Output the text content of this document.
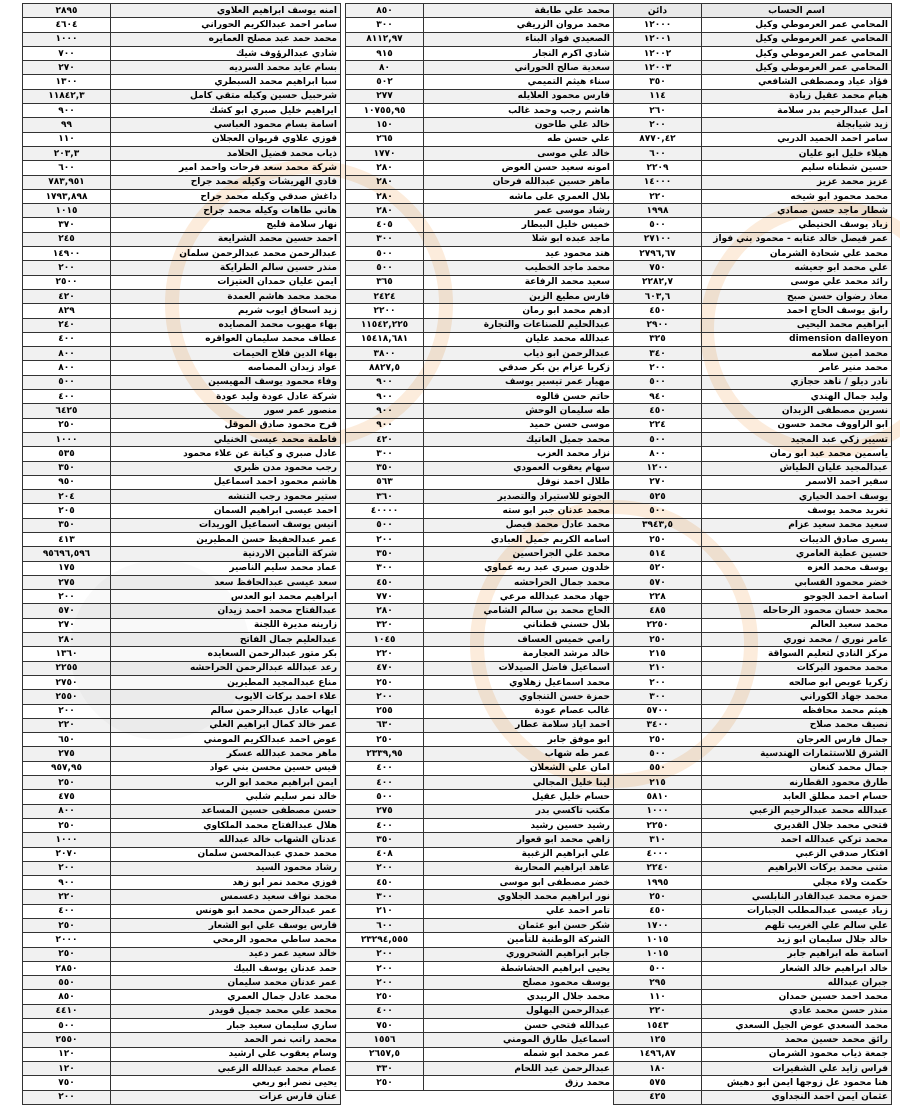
اسم الحساب	دائن
المحامي عمر العرموطي وكيل	١٢٠٠٠
المحامي عمر العرموطي وكيل	١٢٠٠١
المحامي عمر العرموطي وكيل	١٢٠٠٢
المحامي عمر العرموطي وكيل	١٢٠٠٣
فؤاد عياد ومصطفى الشافعي	٣٥٠
هيام محمد عقيل زيادة	١١٤
امل عبدالرحيم بدر سلامة	٢٦٠
زيد شيابجلة	٢٠٠
سامر احمد الحميد الدربي	٨٧٧٠,٤٢
هيلاء خليل ابو عليان	٦٠٠
حسين شطناه سليم	٢٢٠٩
عزيز محمد عزيز	١٤٠٠٠
محمد محمود ابو شيخه	٢٢٠
شطار ماجد حسن صمادي	١٩٩٨
زياد يوسف الحنيطي	٥٠٠
عمر فيصل خالد عتابه - محمود بني فواز	٢٧١٠٠
محمد علي شحادة الشرمان	٢٧٩٦,٦٧
علي محمد ابو جعيشه	٧٥٠
رائد محمد علي موسى	٢٢٨٢,٧
معاذ رضوان حسن صبح	٦٠٣,٦
رابق يوسف الحاج احمد	٤٥٠
ابراهيم محمد اليحيى	٢٩٠٠
dimension dalleyon	٣٢٥
محمد امين سلامه	٣٤٠
محمد منير عامر	٢٠٠
نادر ديلو / ناهد حجازي	٥٠٠
وليد جمال الهندي	٩٤٠
نسرين مصطفى الزبدان	٤٥٠
ابو الراووف محمد حسون	٢٢٤
تسيير زكي عبد المجيد	٥٠٠
ياسمين محمد عبد ابو رمان	٨٠٠
عبدالمجيد عليان الطياش	١٢٠٠
سفير احمد الاسمر	٢٧٠
يوسف احمد الحياري	٥٢٥
تغريد محمد يوسف	٥٠٠
سعيد محمد سعيد عزام	٣٩٤٣,٥
يسرى صادق الذيبات	٢٥٠
حسين عطية العامري	٥١٤
يوسف محمد العزه	٥٢٠
خضر محمود القسابي	٥٧٠
اسامة احمد الجوجو	٢٢٨
محمد حسان محمود الرحاحله	٤٨٥
محمد سعيد العالم	٢٢٥٠
عامر نوري / محمد نوري	٢٥٠
مركز النادي لتعليم السواقة	٢١٥
محمد محمود البركات	٢١٠
زكريا عويص ابو صالحه	٢٠٠
محمد جهاد الكوراني	٣٠٠
هيثم محمد محافظه	٥٧٠٠
نصيف محمد صلاح	٣٤٠٠
جمال فارس العرجان	٢٥٠
الشرق للاستثمارات الهندسية	٥٠٠
جمال محمد كنعان	٥٥٠
طارق محمود القطارنه	٢١٥
حسام احمد مطلق العابد	٥٨١٠
عبدالله محمد عبدالرحيم الزعبي	١٠٠٠
فتحي محمد جلال القديري	٢٢٥٠
محمد تركي عبدالله احمد	٣١٠
افتكار صدقي الزعبي	٤٠٠٠
مثنى محمد بركات الابراهيم	٢٢٤٠
حكمت ولاء مجلي	١٩٩٥
حمزه محمد عبدالقادر النابلسي	٢٥٠
زياد عيسى عبدالمطلب الجبارات	٤٥٠
علي سالم علي الغريب تلهم	١٧٠٠
خالد جلال سليمان ابو زيد	١٠١٥
اسامة طه ابراهيم جابر	١٠١٥
خالد ابراهيم خالد الشعار	٥٠٠
جبران عبدالله	٢٩٥
محمد احمد حسين حمدان	١١٠
منذر حسن محمد عادي	٢٢٠
محمد السعدي عوض الجيل السعدي	١٥٤٣
رائق محمد حسين محمد	١٢٥
جمعة ذياب محمود الشرمان	١٤٩٦,٨٧
فراس زايد علي الشقيرات	١٨٠
هنا محمود عل زوجها ايمن ابو دهيش	٥٧٥
عثمان ايمن احمد النجداوي	٤٢٥
محمد علي طابقة	٨٥٠
محمد مروان الزريقي	٣٠٠
الصعيدي فواد البناء	٨١١٢,٩٧
شادي اكرم النجار	٩١٥
سعدية صالح الحوراني	٨٠
سناء هيثم التميمي	٥٠٢
فارس محمود العلايله	٢٧٧
هاشم رجب وحمد غالب	١٠٧٥٥,٩٥
خالد علي طاحون	١٥٠
علي حسن طه	٢٦٥
خالد علي موسى	١٧٧٠
امونه سعيد حسن العوض	٢٨٠
ماهر حسين عبدالله فرحان	٢٨٠
بلال العمري على ماشه	٢٨٠
رشاد موسى عمر	٢٨٠
خميس خليل البيطار	٤٠٥
ماجد عبده ابو شلا	٣٠٠
هند محمود عيد	٥٠٠
محمد ماجد الخطيب	٥٠٠
سعيد محمد الرفاعة	٣٦٥
فارس مطيع الزين	٢٤٢٤
ادهم محمد ابو رمان	٢٢٠٠
عبدالحليم للصناعات والتجارة	١١٥٤٢,٢٢٥
عبدالله محمد عليان	١٥٤١٨,٦٨١
عبدالرحمن ابو ذياب	٣٨٠٠
زكريا عزام بن بكر صدقي	٨٨٢٧,٥
مهيار عمر تيسير يوسف	٩٠٠
حاتم حسن قالوه	٩٠٠
طه سليمان الوحش	٩٠٠
موسى حسن حميد	٩٠٠
محمد جميل العاتيك	٤٢٠
نزار محمد العزب	٣٠٠
سهام يعقوب العمودي	٣٥٠
طلال احمد نوفل	٥٦٣
الجوتو للاستيراد والتصدير	٣٦٠
محمد عدنان جبر ابو سته	٤٠٠٠٠
محمد عادل محمد فيصل	٥٠٠
اسامه الكريم جميل العبادي	٢٠٠
محمد علي الجراحسين	٣٥٠
خلدون صبري عبد ربه عماوي	٣٠٠
محمد جمال الحراحشه	٤٥٠
جهاد محمد عبدالله مرعي	٧٧٠
الحاج محمد بن سالم الشامي	٢٨٠
بلال حسني قطناني	٣٢٠
رامي خميس العساف	١٠٤٥
خالد مرشد العجارمة	٢٢٠
اسماعيل فاضل الصيدلات	٤٧٠
محمد اسماعيل زهلاوي	٢٥٠
حمزة حسن التنجاوي	٢٠٠
غالب عصام عودة	٢٥٥
احمد اياد سلامة عطار	٦٣٠
ابو موفق جابر	٢٥٠
عمر طه شهاب	٢٣٣٩,٩٥
امان علي الشعلان	٤٠٠
لينا خليل المجالي	٤٠٠
حسام خليل عقيل	٥٠٠
مكتب تاكسي بدر	٢٧٥
رشيد حسين رشيد	٤٠٠
زاهي محمد ابو قعوار	٣٥٠
علي ابراهيم الزغبية	٤٠٨
عاهد ابراهيم المحاربة	٢٠٠
خضر مصطفى ابو موسى	٤٥٠
نور ابراهيم محمد الجلاوي	٣٠٠
تامر احمد علي	٢١٠
شكر حسن ابو عثمان	٦٠٠
الشركة الوطنية للتأمين	٢٣٢٩٤,٥٥٥
جابر ابراهيم الشحروري	٢٠٠
يحيى ابراهيم الحشاشطة	٢٠٠
يوسف محمود مصلح	٢٠٠
محمد جلال الربيدي	٢٥٠
عبدالرحمن البهلول	٤٠٠
عبدالله فتحي حسن	٧٥٠
اسماعيل طارق المومني	١٥٥٦
عمر محمد ابو شمله	٢٦٥٧,٥
عبدالرحمن عيد اللحام	٣٣٠
محمد رزق	٢٥٠
امنه يوسف ابراهيم العلاوي	٢٨٩٥
سامر احمد عبدالكريم الحوراني	٤٦٠٤
محمد حمد عبد مصلح العمايره	١٠٠٠
شادي عبدالرؤوف شيك	٧٠٠
بسام عايد محمد السرديه	٢٧٠
سبا ابراهيم محمد السبطري	١٣٠٠
شرحبيل حسين وكيله متقي كامل	١١٨٤٢,٣
ايراهيم خليل صبري ابو كشك	٩٠٠
اسامة بسام محمود العباسي	٩٩
فوزي علاوي قريوان العجلان	١١٠
ذياب محمد فضيل الحلامد	٢٠٣,٣
شركة محمد سعد فرحات واحمد امير	٦٠٠
فادي الهريشات وكيله محمد جراح	٧٨٣,٩٥١
داغش صدقي وكيله محمد جراح	١٧٩٣,٨٩٨
هاني طاهات وكيله محمد جراح	١٠١٥
نهار سلامة فليج	٣٧٠
احمد حسين محمد الشرايعة	٢٤٥
عبدالرحمن محمد عبدالرحمن سلمان	١٤٩٠٠
منذر حسين سالم الطرايكة	٢٠٠
ايمن عليان حمدان العتيزات	٢٥٠٠
محمد محمد هاشم العمدة	٤٢٠
زيد اسحاق ايوب شريم	٨٢٩
بهاء مهيوب محمد المصايده	٢٤٠
عطاف محمد سليمان العواقره	٤٠٠
بهاء الدين فلاح الحيمات	٨٠٠
عواد زيدان المصاصه	٨٠٠
وفاء محمود يوسف المهيسين	٥٠٠
شركة عادل عودة وليد عودة	٤٠٠
منصور عمر سور	٦٤٢٥
فرح محمود صادق الموقل	٢٥٠
فاطمة محمد عيسى الخنيلي	١٠٠٠
عادل صبري و كيانة عن علاء محمود	٥٣٥
رجب محمود مدن ظبري	٣٥٠
هاشم محمود احمد اسماعيل	٩٥٠
ستير محمود رجب التنشه	٢٠٤
احمد عيسى ابراهيم السمان	٢٠٥
انيس يوسف اسماعيل الوريدات	٣٥٠
عمر عبدالحفيظ حسن المطيرين	٤١٣
شركة التأمين الاردنية	٩٥٦٩٦,٥٩٦
عماد محمد سليم الناصير	١٧٥
سعد عيسى عبدالحافظ سعد	٢٧٥
ابراهيم محمد ابو العدس	٢٠٠
عبدالفتاح محمد احمد زيدان	٥٧٠
زارينه مديرة اللجنة	٢٧٠
عبدالعليم جمال الفاتح	٢٨٠
بكر متور عبدالرحمن السعايده	١٣٦٠
رعد عبدالله عبدالرحمن الحراحشه	٢٢٥٥
مناع عبدالمجيد المطيرين	٢٧٥٠
علاء احمد بركات الايوب	٢٥٥٠
ايهاب عادل عبدالرحمن سالم	٢٠٠
عمر خالد كمال ابراهيم العلي	٢٢٠
عوض احمد عبدالكريم المومني	٦٥٠
ماهر محمد عبدالله عسكر	٢٧٥
قيس حسين محسن بني عواد	٩٥٧,٩٥
ايمن ابراهيم محمد ابو الرب	٢٥٠
خالد نمر سليم شلبي	٤٧٥
حسن مصطفى حسين المساعد	٨٠٠
هلال عبدالفتاح محمد الملكاوي	٢٥٠
عدنان الشهاب خالد عبدالله	١٠٠٠
محمد حمدي عبدالمحسن سلمان	٢٠٧٠
رشاد محمود السيد	٢٠٠
فوزي محمد نمر ابو زهد	٩٠٠
محمد نواف سعيد دعسمس	٢٢٠
عمر عبدالرحمن محمد ابو هونس	٤٠٠
فارس يوسف علي ابو الشعار	٢٥٠
محمد ساطي محمود الرمحي	٢٠٠٠
خالد سعيد عمر دعيد	٢٥٠
حمد عدنان يوسف البيك	٢٨٥٠
عمر عدنان محمد سليمان	٥٥٠
محمد عادل جمال العمري	٨٥٠
محمد علي محمد جميل قويدر	٤٤١٠
ساري سليمان سعيد جبار	٥٠٠
محمد راتب نمر الحمد	٢٥٥٠
وسام يعقوب علي ارشيد	١٢٠
عصام محمد عبدالله الزعبي	١٢٠
يحيى نصر ابو ربعي	٧٥٠
عنان فارس عزات	٢٠٠
